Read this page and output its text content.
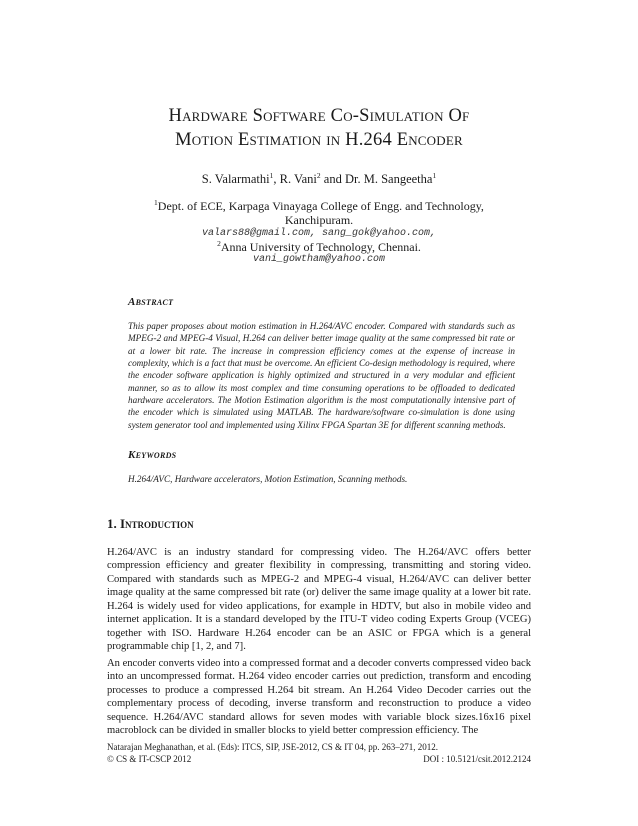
Hardware Software Co-Simulation Of
Motion Estimation in H.264 Encoder
S. Valarmathi$^1$, R. Vani$^2$ and Dr. M. Sangeetha$^1$
$^1$Dept. of ECE, Karpaga Vinayaga College of Engg. and Technology,
Kanchipuram.
valars88@gmail.com, sang_gok@yahoo.com,
$^2$Anna University of Technology, Chennai.
vani_gowtham@yahoo.com
Abstract
This paper proposes about motion estimation in H.264/AVC encoder. Compared with standards such as MPEG-2 and MPEG-4 Visual, H.264 can deliver better image quality at the same compressed bit rate or at a lower bit rate. The increase in compression efficiency comes at the expense of increase in complexity, which is a fact that must be overcome. An efficient Co-design methodology is required, where the encoder software application is highly optimized and structured in a very modular and efficient manner, so as to allow its most complex and time consuming operations to be offloaded to dedicated hardware accelerators. The Motion Estimation algorithm is the most computationally intensive part of the encoder which is simulated using MATLAB. The hardware/software co-simulation is done using system generator tool and implemented using Xilinx FPGA Spartan 3E for different scanning methods.
Keywords
H.264/AVC, Hardware accelerators, Motion Estimation, Scanning methods.
1. Introduction
H.264/AVC is an industry standard for compressing video. The H.264/AVC offers better compression efficiency and greater flexibility in compressing, transmitting and storing video. Compared with standards such as MPEG-2 and MPEG-4 visual, H.264/AVC can deliver better image quality at the same compressed bit rate (or) deliver the same image quality at a lower bit rate. H.264 is widely used for video applications, for example in HDTV, but also in mobile video and internet application. It is a standard developed by the ITU-T video coding Experts Group (VCEG) together with ISO. Hardware H.264 encoder can be an ASIC or FPGA which is a general programmable chip [1, 2, and 7].
An encoder converts video into a compressed format and a decoder converts compressed video back into an uncompressed format. H.264 video encoder carries out prediction, transform and encoding processes to produce a compressed H.264 bit stream. An H.264 Video Decoder carries out the complementary process of decoding, inverse transform and reconstruction to produce a video sequence. H.264/AVC standard allows for seven modes with variable block sizes.16x16 pixel macroblock can be divided in smaller blocks to yield better compression efficiency. The
Natarajan Meghanathan, et al. (Eds): ITCS, SIP, JSE-2012, CS & IT 04, pp. 263–271, 2012.
© CS & IT-CSCP 2012	DOI : 10.5121/csit.2012.2124
